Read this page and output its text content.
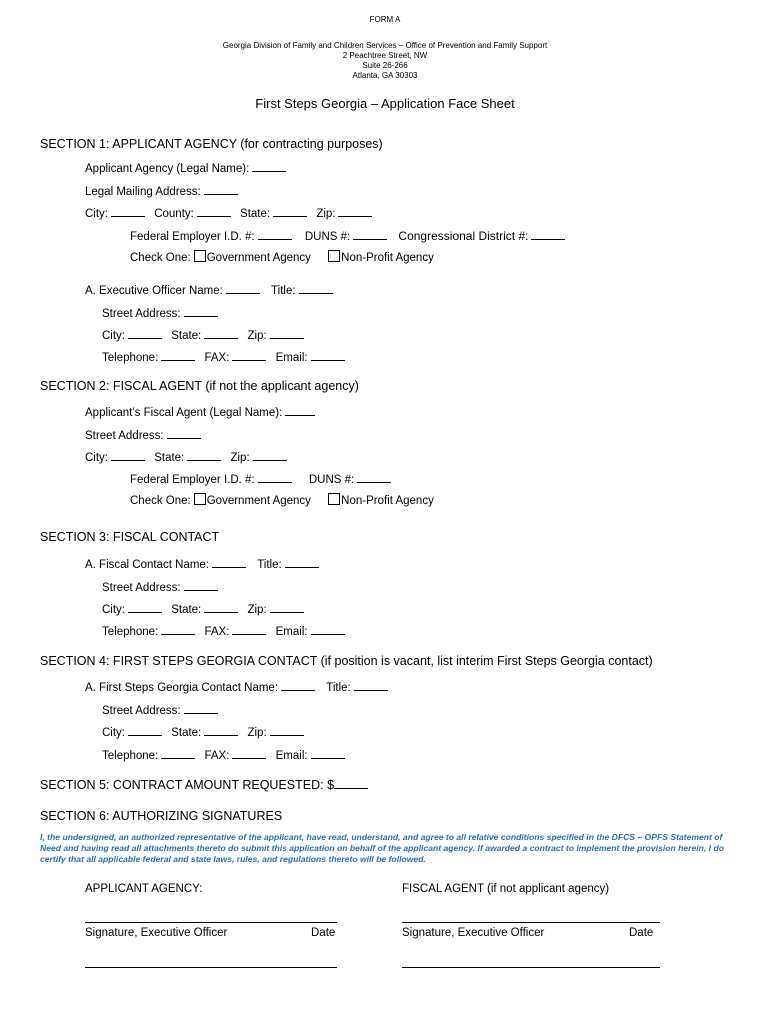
FORM A
Georgia Division of Family and Children Services – Office of Prevention and Family Support
2 Peachtree Street, NW
Suite 26-266
Atlanta, GA 30303
First Steps Georgia – Application Face Sheet
SECTION 1: APPLICANT AGENCY (for contracting purposes)
Applicant Agency (Legal Name):
Legal Mailing Address:
City:	County:	State:	Zip:
Federal Employer I.D. #:	DUNS #:	Congressional District #:
Check One: Government Agency	Non-Profit Agency
A. Executive Officer Name:	Title:
Street Address:
City:	State:	Zip:
Telephone:	FAX:	Email:
SECTION 2: FISCAL AGENT (if not the applicant agency)
Applicant’s Fiscal Agent (Legal Name):
Street Address:
City:	State:	Zip:
Federal Employer I.D. #:	DUNS #:
Check One: Government Agency	Non-Profit Agency
SECTION 3: FISCAL CONTACT
A. Fiscal Contact Name:	Title:
Street Address:
City:	State:	Zip:
Telephone:	FAX:	Email:
SECTION 4: FIRST STEPS GEORGIA CONTACT (if position is vacant, list interim First Steps Georgia contact)
A. First Steps Georgia Contact Name:	Title:
Street Address:
City:	State:	Zip:
Telephone:	FAX:	Email:
SECTION 5: CONTRACT AMOUNT REQUESTED: $
SECTION 6: AUTHORIZING SIGNATURES
I, the undersigned, an authorized representative of the applicant, have read, understand, and agree to all relative conditions specified in the DFCS – OPFS Statement of Need and having read all attachments thereto do submit this application on behalf of the applicant agency. If awarded a contract to implement the provision herein, I do certify that all applicable federal and state laws, rules, and regulations thereto will be followed.
APPLICANT AGENCY:	FISCAL AGENT (if not applicant agency)
Signature, Executive Officer	Date	Signature, Executive Officer	Date
